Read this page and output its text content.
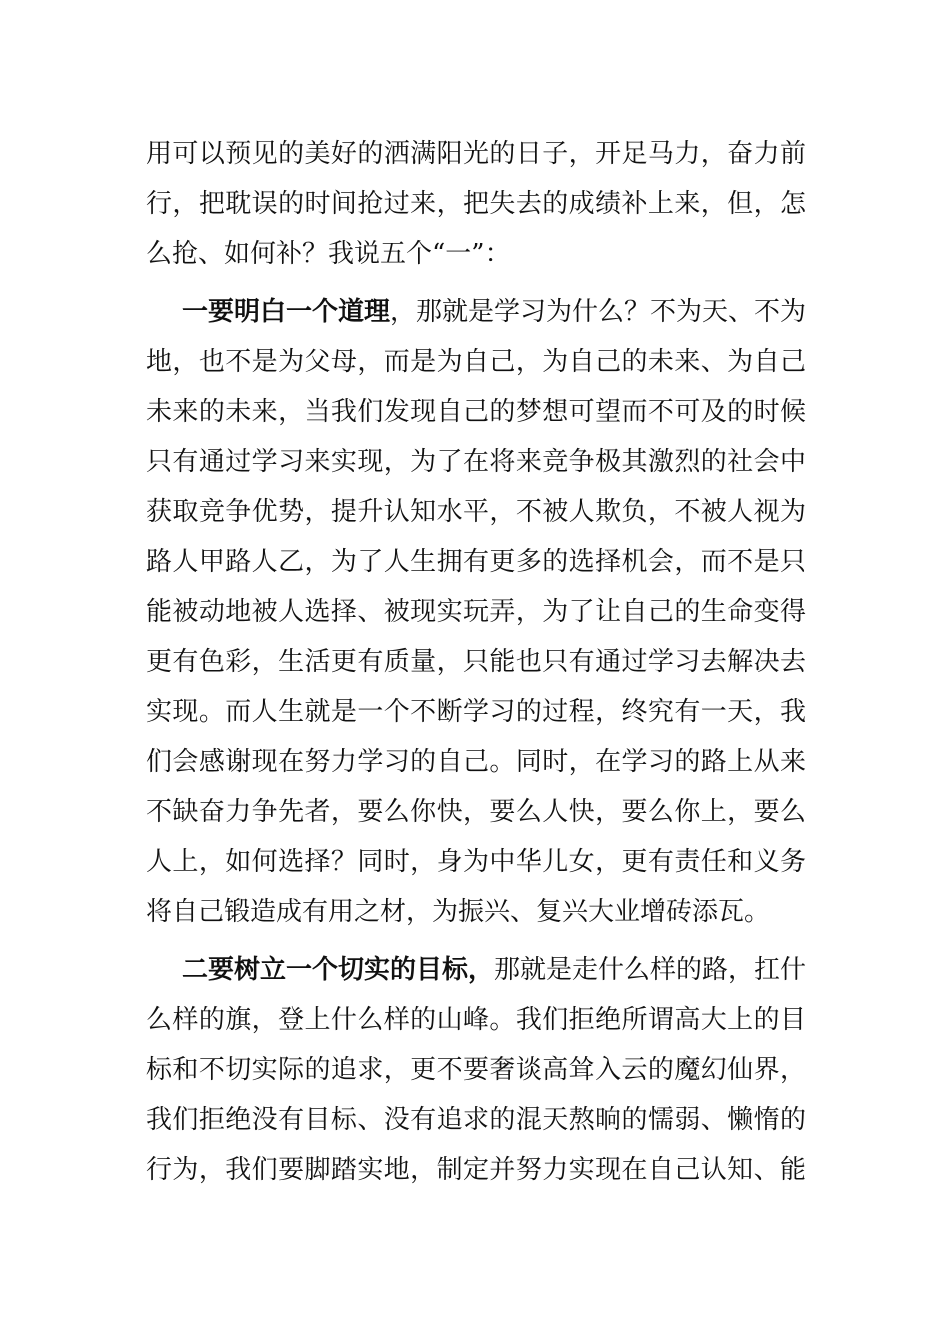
用可以预见的美好的洒满阳光的日子，开足马力，奋力前
行，把耽误的时间抢过来，把失去的成绩补上来，但，怎
么抢、如何补？我说五个“一”：
一要明白一个道理，那就是学习为什么？不为天、不为
地，也不是为父母，而是为自己，为自己的未来、为自己
未来的未来，当我们发现自己的梦想可望而不可及的时候
只有通过学习来实现，为了在将来竞争极其激烈的社会中
获取竞争优势，提升认知水平，不被人欺负，不被人视为
路人甲路人乙，为了人生拥有更多的选择机会，而不是只
能被动地被人选择、被现实玩弄，为了让自己的生命变得
更有色彩，生活更有质量，只能也只有通过学习去解决去
实现。而人生就是一个不断学习的过程，终究有一天，我
们会感谢现在努力学习的自己。同时，在学习的路上从来
不缺奋力争先者，要么你快，要么人快，要么你上，要么
人上，如何选择？同时，身为中华儿女，更有责任和义务
将自己锻造成有用之材，为振兴、复兴大业增砖添瓦。
二要树立一个切实的目标，那就是走什么样的路，扛什
么样的旗，登上什么样的山峰。我们拒绝所谓高大上的目
标和不切实际的追求，更不要奢谈高耸入云的魔幻仙界，
我们拒绝没有目标、没有追求的混天熬晌的懦弱、懒惰的
行为，我们要脚踏实地，制定并努力实现在自己认知、能
